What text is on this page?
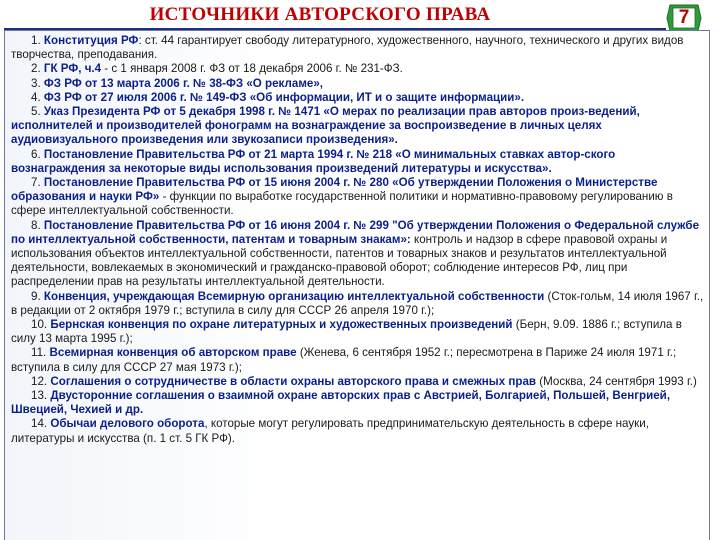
ИСТОЧНИКИ АВТОРСКОГО ПРАВА	7

1. Конституция РФ: ст. 44 гарантирует свободу литературного, художественного, научного, технического и других видов творчества, преподавания.

2. ГК РФ, ч.4 - с 1 января 2008 г. ФЗ от 18 декабря 2006 г. № 231-ФЗ.

3. ФЗ РФ от 13 марта 2006 г. № 38-ФЗ «О рекламе»,

4. ФЗ РФ от 27 июля 2006 г. № 149-ФЗ «Об информации, ИТ и о защите информации».

5. Указ Президента РФ от 5 декабря 1998 г. № 1471 «О мерах по реализации прав авторов произ-ведений, исполнителей и производителей фонограмм на вознаграждение за воспроизведение в личных целях аудиовизуального произведения или звукозаписи произведения».

6. Постановление Правительства РФ от 21 марта 1994 г. № 218 «О минимальных ставках автор-ского вознаграждения за некоторые виды использования произведений литературы и искусства».

7. Постановление Правительства РФ от 15 июня 2004 г. № 280 «Об утверждении Положения о Министерстве образования и науки РФ» - функции по выработке государственной политики и нормативно-правовому регулированию в сфере интеллектуальной собственности.

8. Постановление Правительства РФ от 16 июня 2004 г. № 299 "Об утверждении Положения о Федеральной службе по интеллектуальной собственности, патентам и товарным знакам»: контроль и надзор в сфере правовой охраны и использования объектов интеллектуальной собственности, патентов и товарных знаков и результатов интеллектуальной деятельности, вовлекаемых в экономический и гражданско-правовой оборот; соблюдение интересов РФ, лиц при распределении прав на результаты интеллектуальной деятельности.

9. Конвенция, учреждающая Всемирную организацию интеллектуальной собственности (Сток-гольм, 14 июля 1967 г., в редакции от 2 октября 1979 г.; вступила в силу для СССР 26 апреля 1970 г.);

10. Бернская конвенция по охране литературных и художественных произведений (Берн, 9.09. 1886 г.; вступила в силу 13 марта 1995 г.);

11. Всемирная конвенция об авторском праве (Женева, 6 сентября 1952 г.; пересмотрена в Париже 24 июля 1971 г.; вступила в силу для СССР 27 мая 1973 г.);

12. Соглашения о сотрудничестве в области охраны авторского права и смежных прав (Москва, 24 сентября 1993 г.)

13. Двусторонние соглашения о взаимной охране авторских прав с Австрией, Болгарией, Польшей, Венгрией, Швецией, Чехией и др.

14. Обычаи делового оборота, которые могут регулировать предпринимательскую деятельность в сфере науки, литературы и искусства (п. 1 ст. 5 ГК РФ).
